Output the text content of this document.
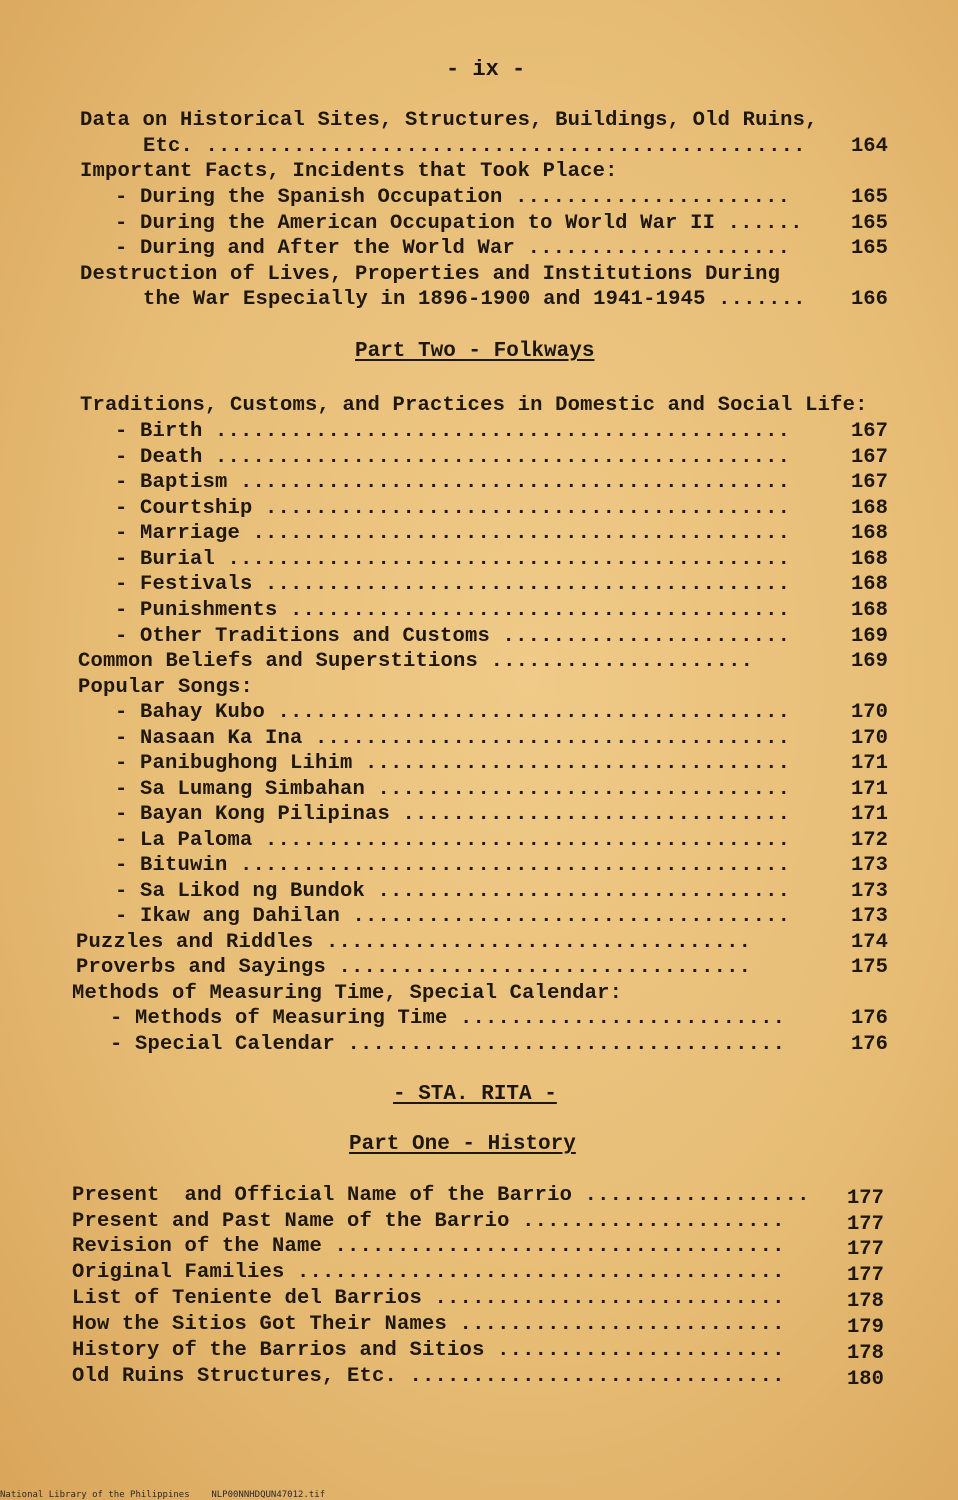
- ix -
Data on Historical Sites, Structures, Buildings, Old Ruins,
Etc. ................................................ 164
Important Facts, Incidents that Took Place:
- During the Spanish Occupation ......................	165
- During the American Occupation to World War II ...... 165
- During and After the World War .....................	165
Destruction of Lives, Properties and Institutions During
the War Especially in 1896-1900 and 1941-1945 ....... 166
Part Two - Folkways
Traditions, Customs, and Practices in Domestic and Social Life:
- Birth ..............................................	167
- Death ..............................................	167
- Baptism ............................................	167
- Courtship ..........................................	168
- Marriage ...........................................	168
- Burial .............................................	168
- Festivals ..........................................	168
- Punishments ........................................	168
- Other Traditions and Customs .......................	169
Common Beliefs and Superstitions .....................	169
Popular Songs:
- Bahay Kubo .........................................	170
- Nasaan Ka Ina ......................................	170
- Panibughong Lihim ..................................	171
- Sa Lumang Simbahan .................................	171
- Bayan Kong Pilipinas ...............................	171
- La Paloma ..........................................	172
- Bituwin ............................................	173
- Sa Likod ng Bundok .................................	173
- Ikaw ang Dahilan ...................................	173
Puzzles and Riddles ..................................	174
Proverbs and Sayings .................................	175
Methods of Measuring Time, Special Calendar:
- Methods of Measuring Time ..........................	176
- Special Calendar ...................................	176
- STA. RITA -
Part One - History
Present  and Official Name of the Barrio .................. 177
Present and Past Name of the Barrio .....................	177
Revision of the Name ....................................	177
Original Families .......................................	177
List of Teniente del Barrios ............................	178
How the Sitios Got Their Names ..........................	179
History of the Barrios and Sitios .......................	178
Old Ruins Structures, Etc. ..............................	180
National Library of the Philippines    NLP00NNHDQUN47012.tif
